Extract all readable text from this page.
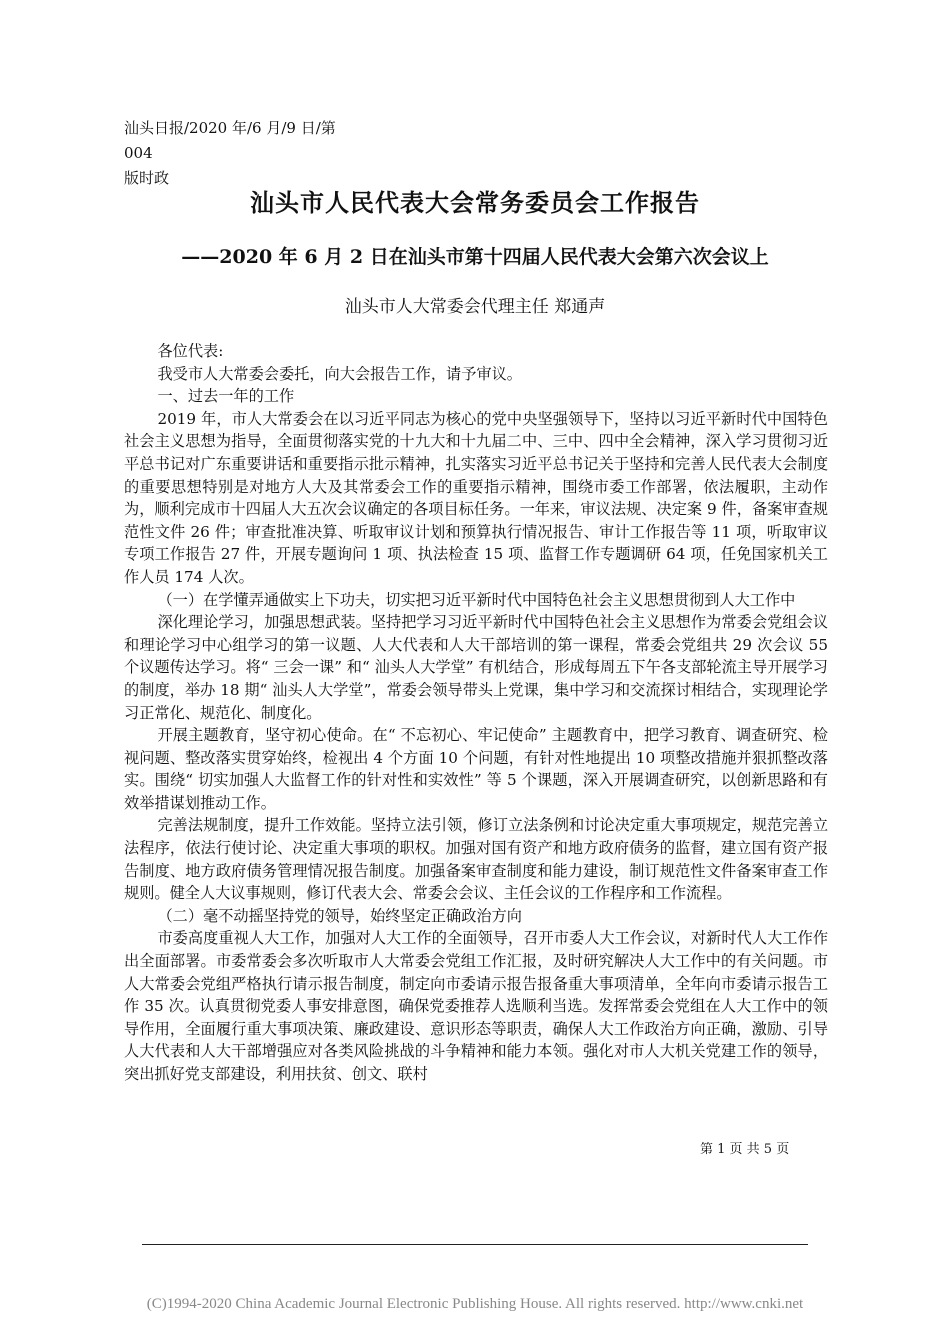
汕头日报/2020 年/6 月/9 日/第 004
版时政
汕头市人民代表大会常务委员会工作报告
——2020 年 6 月 2 日在汕头市第十四届人民代表大会第六次会议上
汕头市人大常委会代理主任 郑通声

各位代表:

我受市人大常委会委托，向大会报告工作，请予审议。

一、过去一年的工作

2019 年，市人大常委会在以习近平同志为核心的党中央坚强领导下，坚持以习近平新时代中国特色社会主义思想为指导，全面贯彻落实党的十九大和十九届二中、三中、四中全会精神，深入学习贯彻习近平总书记对广东重要讲话和重要指示批示精神，扎实落实习近平总书记关于坚持和完善人民代表大会制度的重要思想特别是对地方人大及其常委会工作的重要指示精神，围绕市委工作部署，依法履职，主动作为，顺利完成市十四届人大五次会议确定的各项目标任务。一年来，审议法规、决定案 9 件，备案审查规范性文件 26 件；审查批准决算、听取审议计划和预算执行情况报告、审计工作报告等 11 项，听取审议专项工作报告 27 件，开展专题询问 1 项、执法检查 15 项、监督工作专题调研 64 项，任免国家机关工作人员 174 人次。

（一）在学懂弄通做实上下功夫，切实把习近平新时代中国特色社会主义思想贯彻到人大工作中

深化理论学习，加强思想武装。坚持把学习习近平新时代中国特色社会主义思想作为常委会党组会议和理论学习中心组学习的第一议题、人大代表和人大干部培训的第一课程，常委会党组共 29 次会议 55 个议题传达学习。将“ 三会一课” 和“ 汕头人大学堂” 有机结合，形成每周五下午各支部轮流主导开展学习的制度，举办 18 期“ 汕头人大学堂”，常委会领导带头上党课，集中学习和交流探讨相结合，实现理论学习正常化、规范化、制度化。

开展主题教育，坚守初心使命。在“ 不忘初心、牢记使命” 主题教育中，把学习教育、调查研究、检视问题、整改落实贯穿始终，检视出 4 个方面 10 个问题，有针对性地提出 10 项整改措施并狠抓整改落实。围绕“ 切实加强人大监督工作的针对性和实效性” 等 5 个课题，深入开展调查研究，以创新思路和有效举措谋划推动工作。

完善法规制度，提升工作效能。坚持立法引领，修订立法条例和讨论决定重大事项规定，规范完善立法程序，依法行使讨论、决定重大事项的职权。加强对国有资产和地方政府债务的监督，建立国有资产报告制度、地方政府债务管理情况报告制度。加强备案审查制度和能力建设，制订规范性文件备案审查工作规则。健全人大议事规则，修订代表大会、常委会会议、主任会议的工作程序和工作流程。

（二）毫不动摇坚持党的领导，始终坚定正确政治方向

市委高度重视人大工作，加强对人大工作的全面领导，召开市委人大工作会议，对新时代人大工作作出全面部署。市委常委会多次听取市人大常委会党组工作汇报，及时研究解决人大工作中的有关问题。市人大常委会党组严格执行请示报告制度，制定向市委请示报告报备重大事项清单，全年向市委请示报告工作 35 次。认真贯彻党委人事安排意图，确保党委推荐人选顺利当选。发挥常委会党组在人大工作中的领导作用，全面履行重大事项决策、廉政建设、意识形态等职责，确保人大工作政治方向正确，激励、引导人大代表和人大干部增强应对各类风险挑战的斗争精神和能力本领。强化对市人大机关党建工作的领导，突出抓好党支部建设，利用扶贫、创文、联村

第 1 页 共 5 页
(C)1994-2020 China Academic Journal Electronic Publishing House. All rights reserved. http://www.cnki.net
